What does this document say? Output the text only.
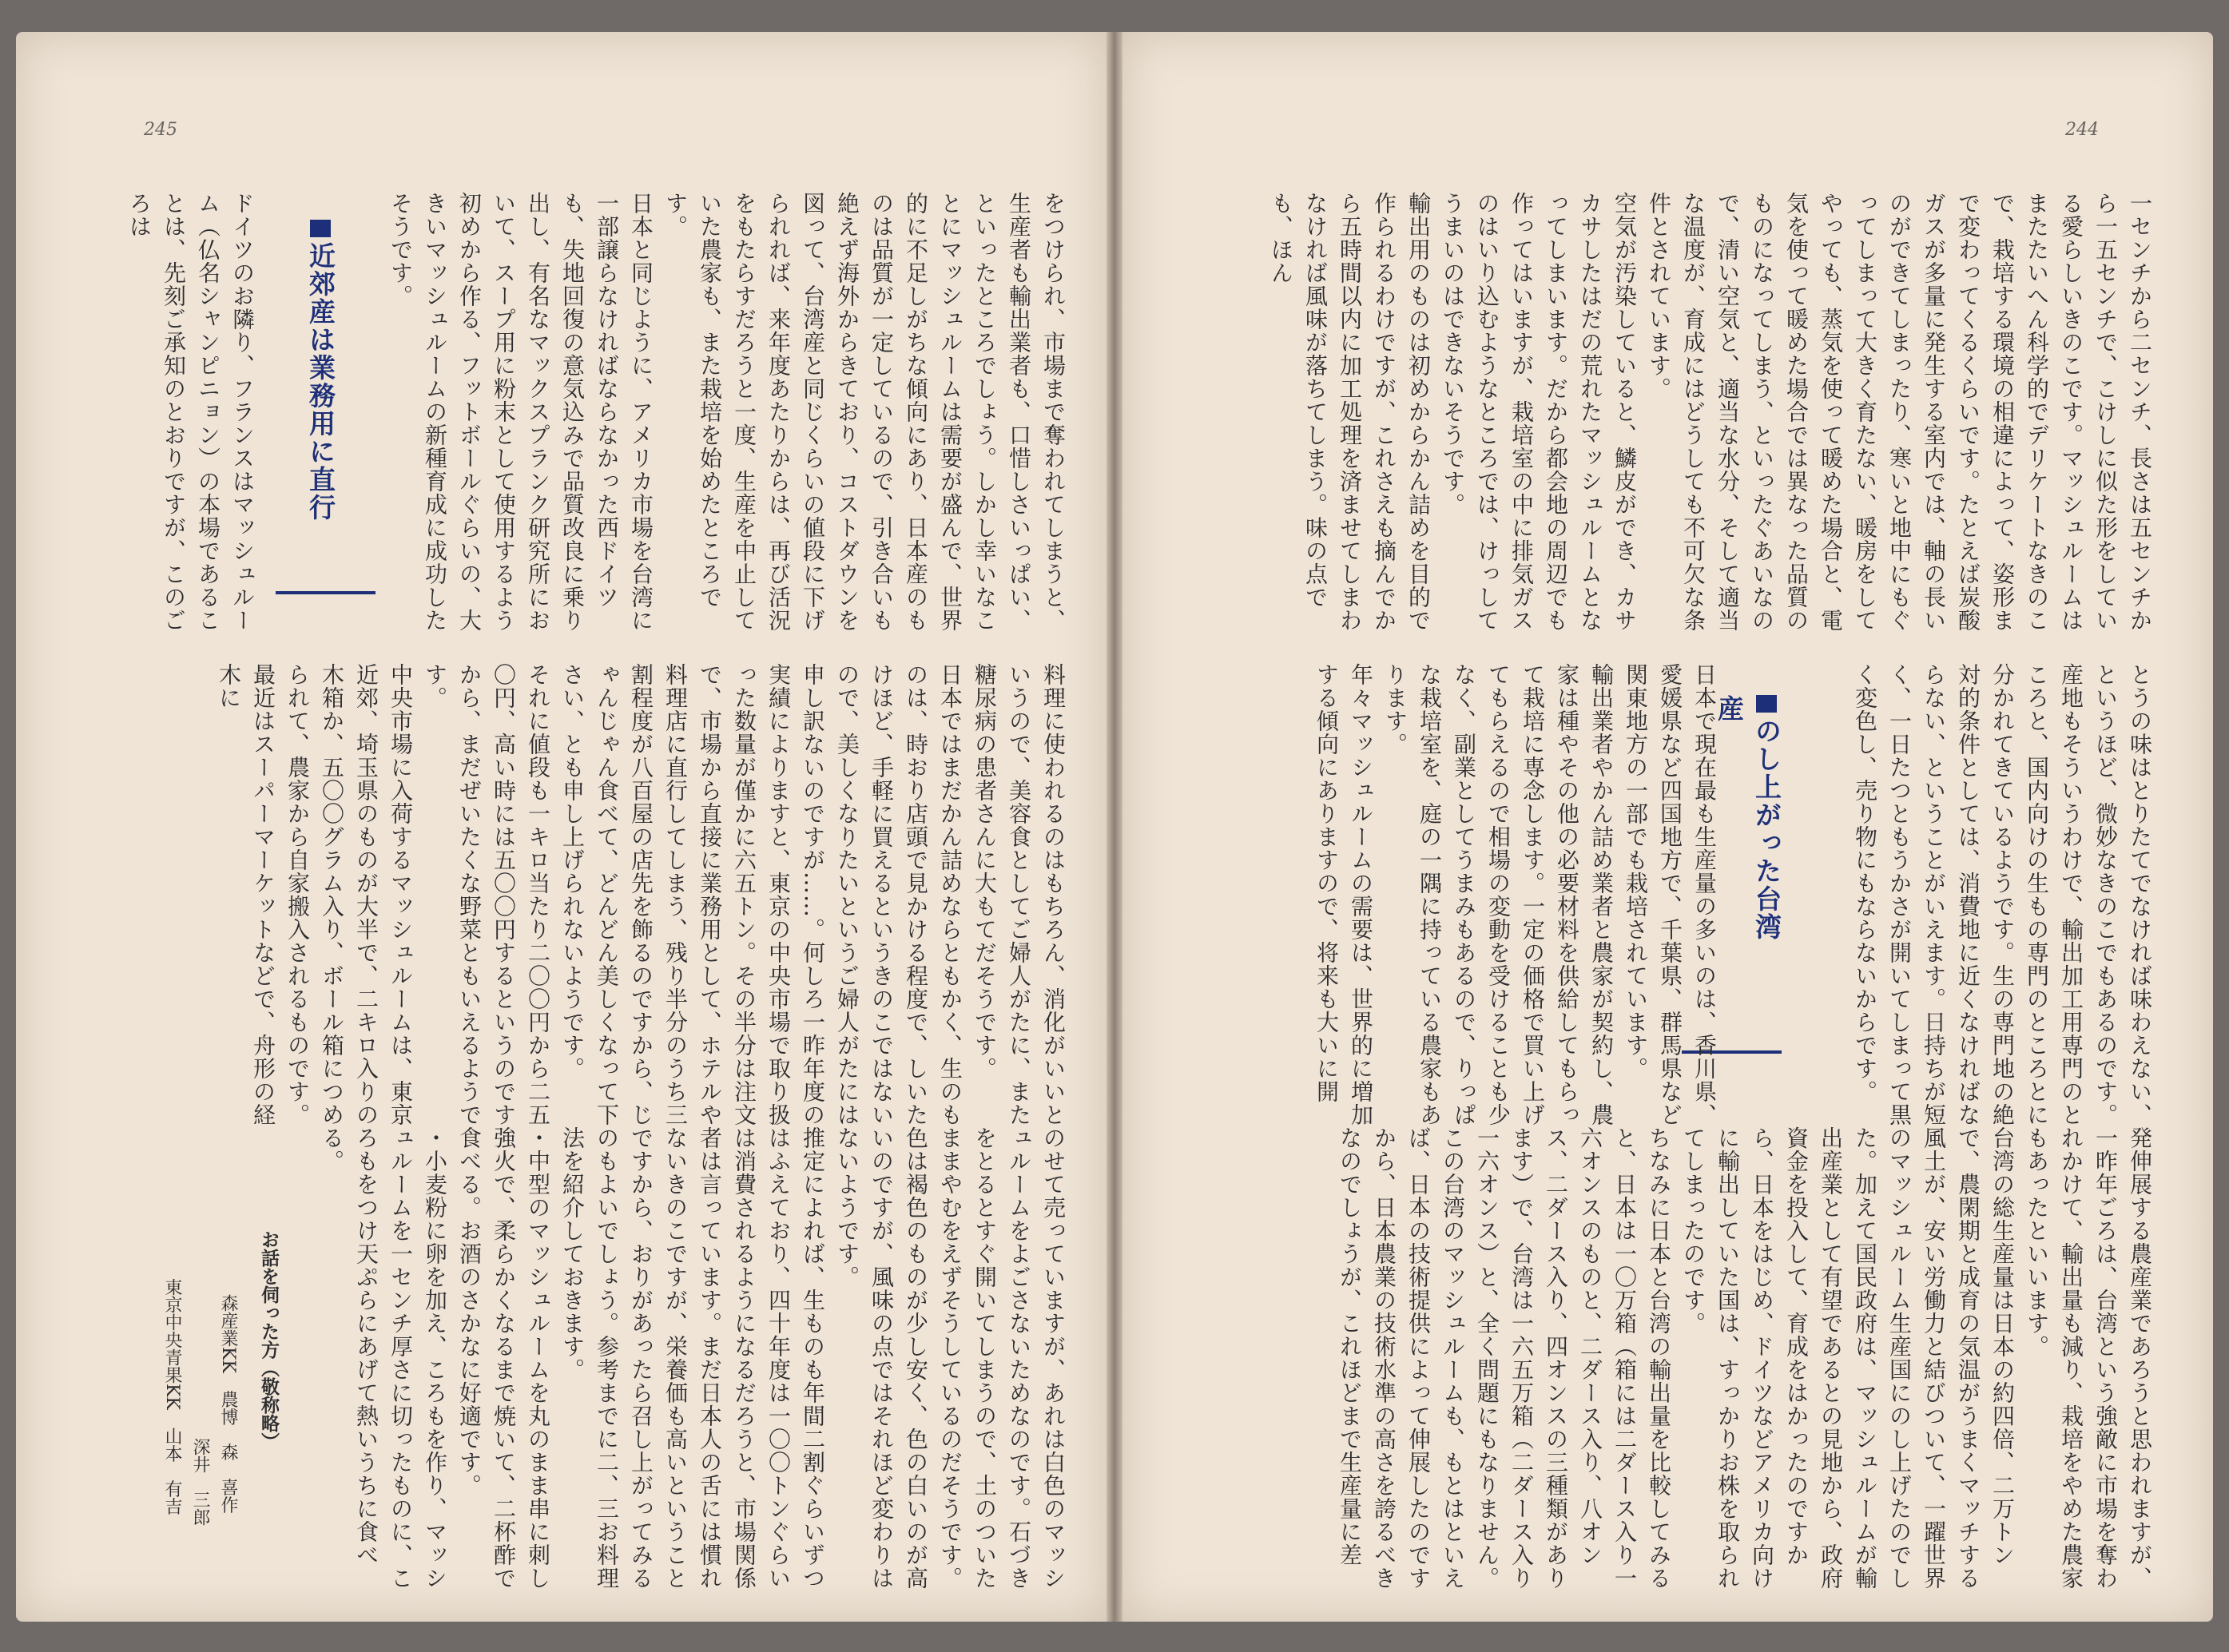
245
をつけられ、市場まで奪われてしまうと、生産者も輸出業者も、口惜しさいっぱい、といったところでしょう。しかし幸いなことにマッシュルームは需要が盛んで、世界的に不足しがちな傾向にあり、日本産のものは品質が一定しているので、引き合いも絶えず海外からきており、コストダウンを図って、台湾産と同じくらいの値段に下げられれば、来年度あたりからは、再び活況をもたらすだろうと一度、生産を中止していた農家も、また栽培を始めたところです。
日本と同じように、アメリカ市場を台湾に一部譲らなければならなかった西ドイツも、失地回復の意気込みで品質改良に乗り出し、有名なマックスプランク研究所において、スープ用に粉末として使用するよう初めから作る、フットボールぐらいの、大きいマッシュルームの新種育成に成功したそうです。
近郊産は業務用に直行
ドイツのお隣り、フランスはマッシュルーム（仏名シャンピニョン）の本場であることは、先刻ご承知のとおりですが、このごろは
料理に使われるのはもちろん、消化がいいというので、美容食としてご婦人がたに、また糖尿病の患者さんに大もてだそうです。
日本ではまだかん詰めならともかく、生のものは、時おり店頭で見かける程度で、しいたけほど、手軽に買えるというきのこではないので、美しくなりたいというご婦人がたには申し訳ないのですが……。何しろ一昨年度の実績によりますと、東京の中央市場で取り扱った数量が僅かに六五トン。その半分は注文で、市場から直接に業務用として、ホテルや料理店に直行してしまう、残り半分のうち三割程度が八百屋の店先を飾るのですから、じゃんじゃん食べて、どんどん美しくなって下さい、とも申し上げられないようです。
それに値段も一キロ当たり二〇〇円から二五〇円、高い時には五〇〇円するというのですから、まだぜいたくな野菜ともいえるようです。
中央市場に入荷するマッシュルームは、東京近郊、埼玉県のものが大半で、二キロ入りの木箱か、五〇〇グラム入り、ボール箱につめられて、農家から自家搬入されるものです。最近はスーパーマーケットなどで、舟形の経木に
のせて売っていますが、あれは白色のマッシュルームをよごさないためなのです。石づきをとるとすぐ開いてしまうので、土のついたままやむをえずそうしているのだそうです。色は褐色のものが少し安く、色の白いのが高いのですが、風味の点ではそれほど変わりはないようです。
推定によれば、生ものも年間二割ぐらいずつはふえており、四十年度は一〇〇トンぐらいは消費されるようになるだろうと、市場関係者は言っています。まだ日本人の舌には慣れないきのこですが、栄養価も高いということですから、おりがあったら召し上がってみるのもよいでしょう。参考までに二、三お料理法を紹介しておきます。
・中型のマッシュルームを丸のまま串に刺し強火で、柔らかくなるまで焼いて、二杯酢で食べる。お酒のさかなに好適です。
・小麦粉に卵を加え、ころもを作り、マッシュルームを一センチ厚さに切ったものに、ころもをつけ天ぷらにあげて熱いうちに食べる。
お話を伺った方（敬称略）
森産業KK　農博　森　喜作
深井　三郎
東京中央青果KK　山本　有吉
244
一センチから二センチ、長さは五センチから一五センチで、こけしに似た形をしている愛らしいきのこです。マッシュルームはまたたいへん科学的でデリケートなきのこで、栽培する環境の相違によって、姿形まで変わってくるくらいです。たとえば炭酸ガスが多量に発生する室内では、軸の長いのができてしまったり、寒いと地中にもぐってしまって大きく育たない、暖房をしてやっても、蒸気を使って暖めた場合と、電気を使って暖めた場合では異なった品質のものになってしまう、といったぐあいなので、清い空気と、適当な水分、そして適当な温度が、育成にはどうしても不可欠な条件とされています。
空気が汚染していると、鱗皮ができ、カサカサしたはだの荒れたマッシュルームとなってしまいます。だから都会地の周辺でも作ってはいますが、栽培室の中に排気ガスのはいり込むようなところでは、けっしてうまいのはできないそうです。
輸出用のものは初めからかん詰めを目的で作られるわけですが、これさえも摘んでから五時間以内に加工処理を済ませてしまわなければ風味が落ちてしまう。味の点でも、ほん
とうの味はとりたてでなければ味わえない、というほど、微妙なきのこでもあるのです。
産地もそういうわけで、輸出加工用専門のところと、国内向けの生もの専門のところとに分かれてきているようです。生の専門地の絶対的条件としては、消費地に近くなければならない、ということがいえます。日持ちが短く、一日たつともうかさが開いてしまって黒く変色し、売り物にもならないからです。
のし上がった台湾産
日本で現在最も生産量の多いのは、香川県、愛媛県など四国地方で、千葉県、群馬県など関東地方の一部でも栽培されています。
輸出業者やかん詰め業者と農家が契約し、農家は種やその他の必要材料を供給してもらって栽培に専念します。一定の価格で買い上げてもらえるので相場の変動を受けることも少なく、副業としてうまみもあるので、りっぱな栽培室を、庭の一隅に持っている農家もあります。
年々マッシュルームの需要は、世界的に増加する傾向にありますので、将来も大いに開
発伸展する農産業であろうと思われますが、一昨年ごろは、台湾という強敵に市場を奪われかけて、輸出量も減り、栽培をやめた農家もあったといいます。
台湾の総生産量は日本の約四倍、二万トンで、農閑期と成育の気温がうまくマッチする風土が、安い労働力と結びついて、一躍世界のマッシュルーム生産国にのし上げたのでした。加えて国民政府は、マッシュルームが輸出産業として有望であるとの見地から、政府資金を投入して、育成をはかったのですから、日本をはじめ、ドイツなどアメリカ向けに輸出していた国は、すっかりお株を取られてしまったのです。
ちなみに日本と台湾の輸出量を比較してみると、日本は一〇万箱（箱には二ダース入り一六オンスのものと、二ダース入り、八オンス、二ダース入り、四オンスの三種類があります）で、台湾は一六五万箱（二ダース入り一六オンス）と、全く問題にもなりません。
この台湾のマッシュルームも、もとはといえば、日本の技術提供によって伸展したのですから、日本農業の技術水準の高さを誇るべきなのでしょうが、これほどまで生産量に差
